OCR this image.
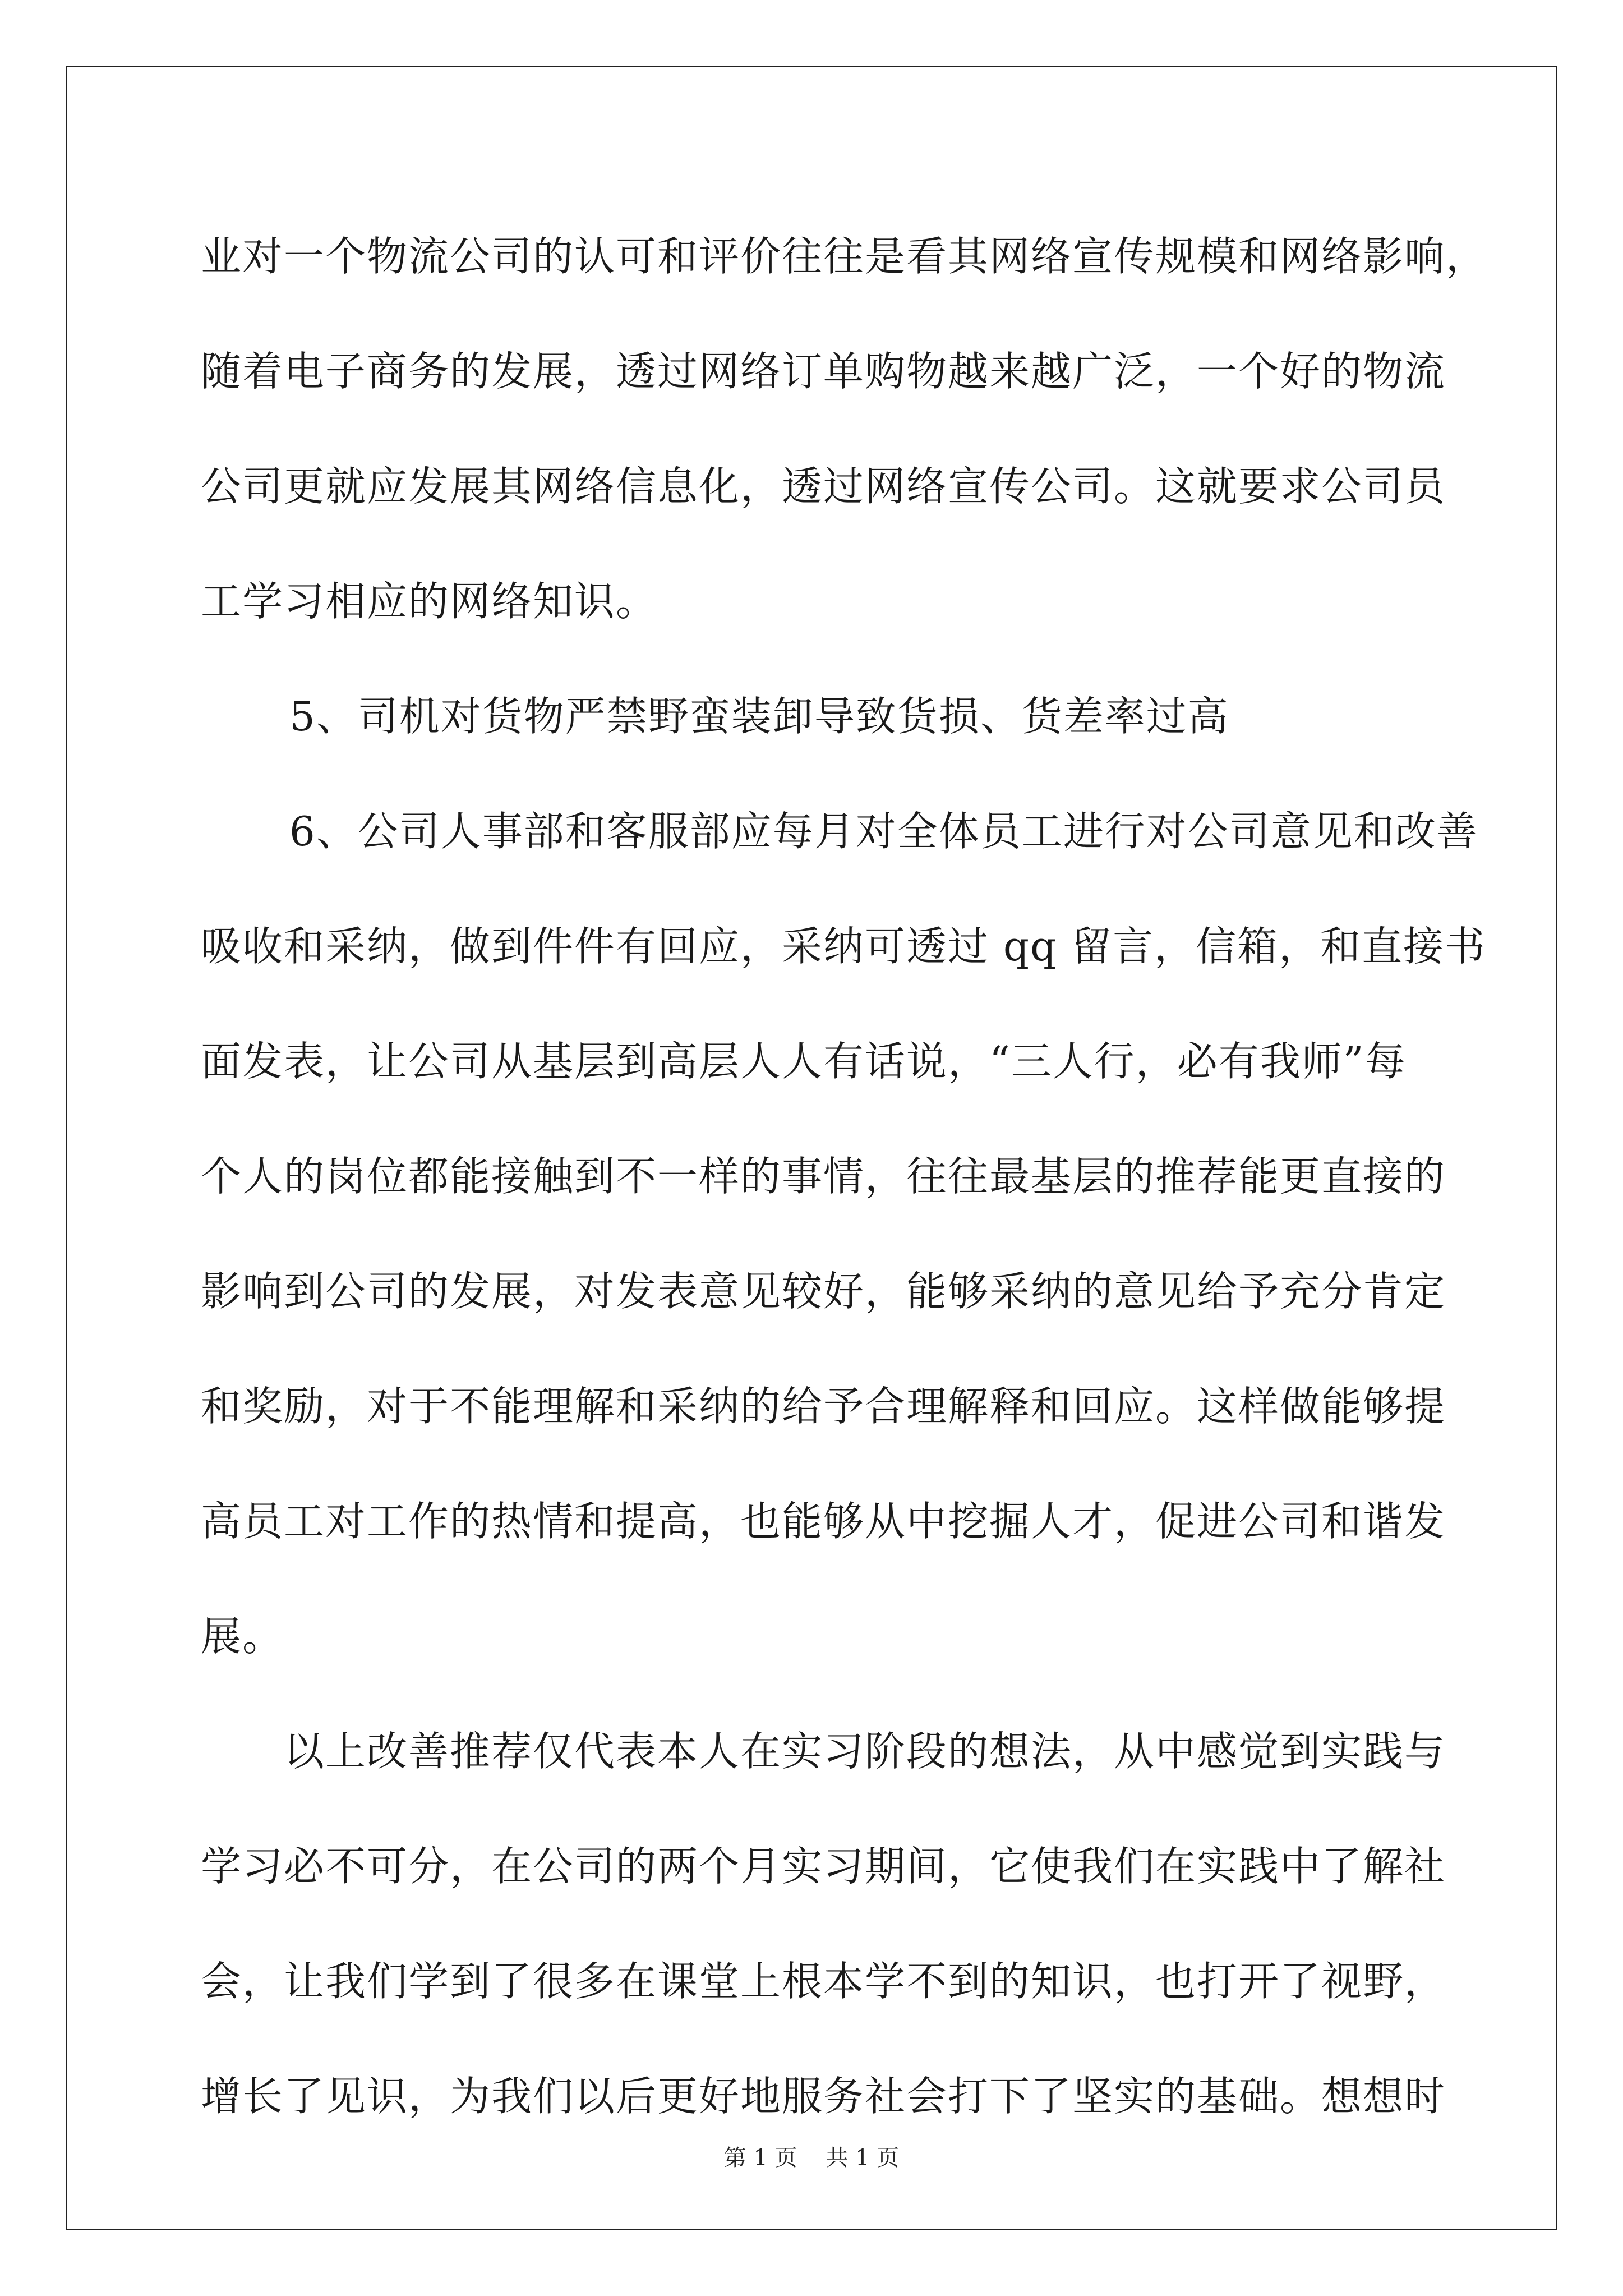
业对一个物流公司的认可和评价往往是看其网络宣传规模和网络影响，

随着电子商务的发展，透过网络订单购物越来越广泛，一个好的物流

公司更就应发展其网络信息化，透过网络宣传公司。这就要求公司员

工学习相应的网络知识。

5、司机对货物严禁野蛮装卸导致货损、货差率过高

6、公司人事部和客服部应每月对全体员工进行对公司意见和改善

吸收和采纳，做到件件有回应，采纳可透过 qq 留言，信箱，和直接书

面发表，让公司从基层到高层人人有话说，“三人行，必有我师”每

个人的岗位都能接触到不一样的事情，往往最基层的推荐能更直接的

影响到公司的发展，对发表意见较好，能够采纳的意见给予充分肯定

和奖励，对于不能理解和采纳的给予合理解释和回应。这样做能够提

高员工对工作的热情和提高，也能够从中挖掘人才，促进公司和谐发

展。

以上改善推荐仅代表本人在实习阶段的想法，从中感觉到实践与

学习必不可分，在公司的两个月实习期间，它使我们在实践中了解社

会，让我们学到了很多在课堂上根本学不到的知识，也打开了视野，

增长了见识，为我们以后更好地服务社会打下了坚实的基础。想想时

第 1 页    共 1 页
